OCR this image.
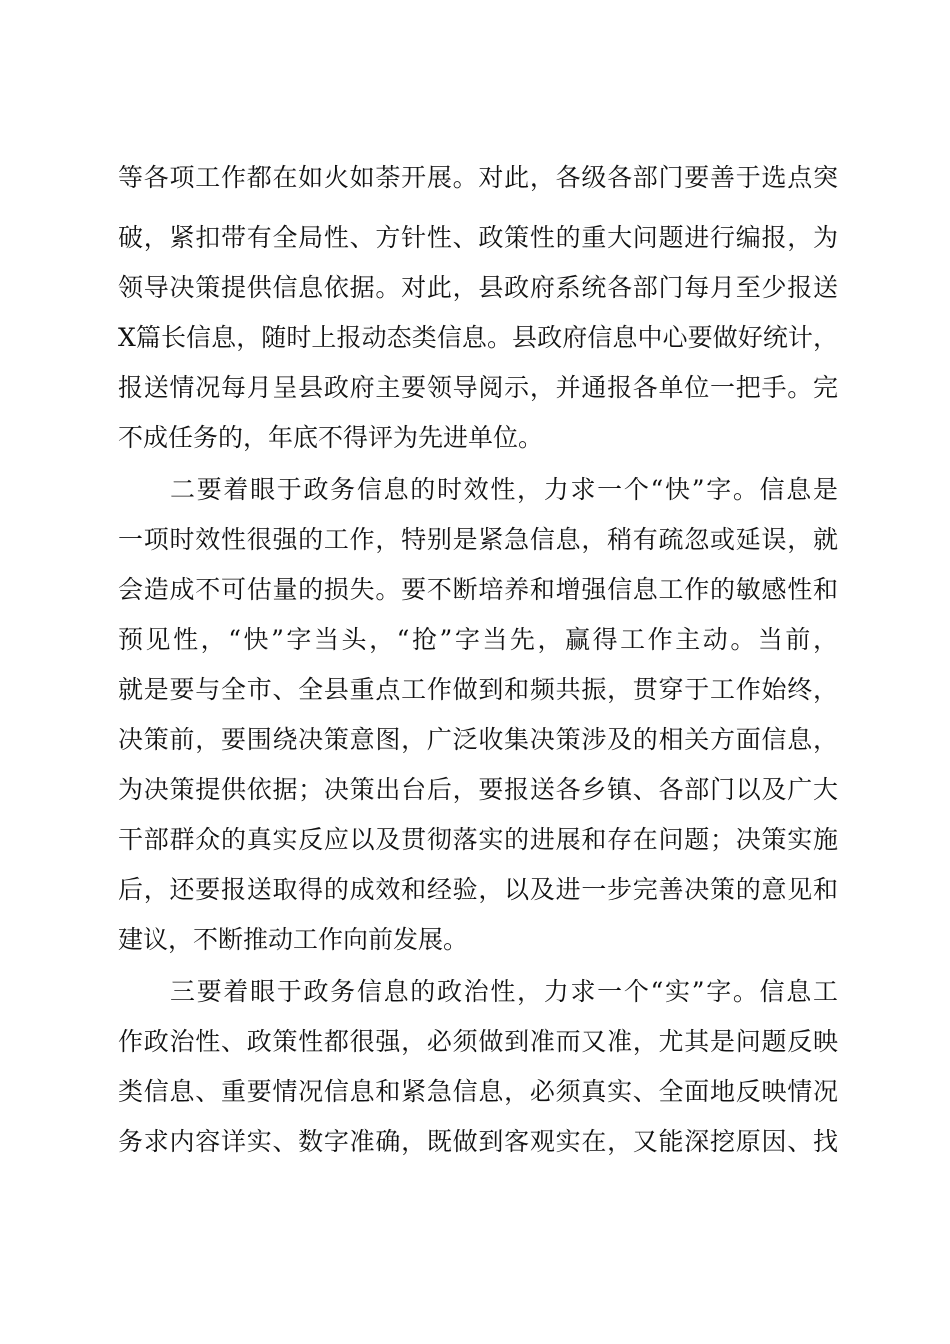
等各项工作都在如火如荼开展。对此，各级各部门要善于选点突
破，紧扣带有全局性、方针性、政策性的重大问题进行编报，为
领导决策提供信息依据。对此，县政府系统各部门每月至少报送
X篇长信息，随时上报动态类信息。县政府信息中心要做好统计，
报送情况每月呈县政府主要领导阅示，并通报各单位一把手。完
不成任务的，年底不得评为先进单位。
二要着眼于政务信息的时效性，力求一个“快”字。信息是
一项时效性很强的工作，特别是紧急信息，稍有疏忽或延误，就
会造成不可估量的损失。要不断培养和增强信息工作的敏感性和
预见性，“快”字当头，“抢”字当先，赢得工作主动。当前，
就是要与全市、全县重点工作做到和频共振，贯穿于工作始终，
决策前，要围绕决策意图，广泛收集决策涉及的相关方面信息，
为决策提供依据；决策出台后，要报送各乡镇、各部门以及广大
干部群众的真实反应以及贯彻落实的进展和存在问题；决策实施
后，还要报送取得的成效和经验，以及进一步完善决策的意见和
建议，不断推动工作向前发展。
三要着眼于政务信息的政治性，力求一个“实”字。信息工
作政治性、政策性都很强，必须做到准而又准，尤其是问题反映
类信息、重要情况信息和紧急信息，必须真实、全面地反映情况
务求内容详实、数字准确，既做到客观实在，又能深挖原因、找
